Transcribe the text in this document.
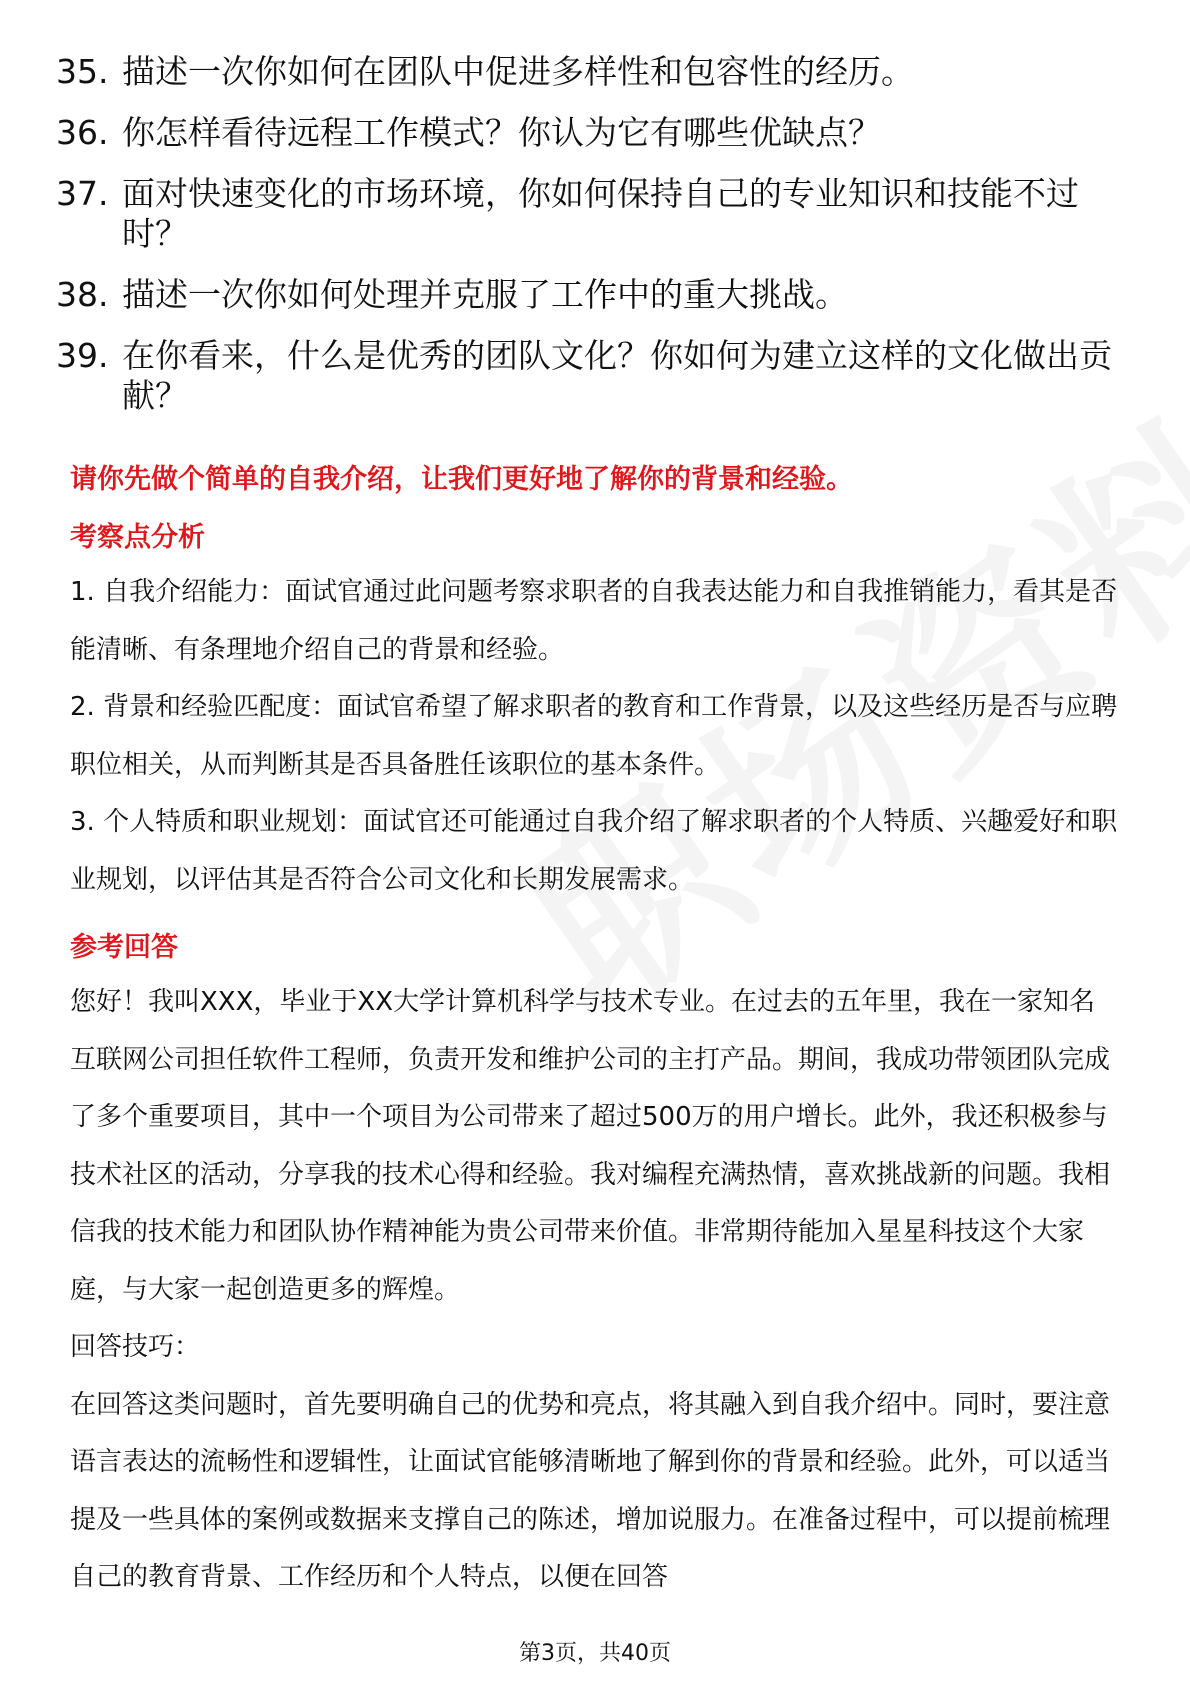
35. 描述一次你如何在团队中促进多样性和包容性的经历。
36. 你怎样看待远程工作模式？你认为它有哪些优缺点？
37. 面对快速变化的市场环境，你如何保持自己的专业知识和技能不过时？
38. 描述一次你如何处理并克服了工作中的重大挑战。
39. 在你看来，什么是优秀的团队文化？你如何为建立这样的文化做出贡献？
请你先做个简单的自我介绍，让我们更好地了解你的背景和经验。
考察点分析

1. 自我介绍能力：面试官通过此问题考察求职者的自我表达能力和自我推销能力，看其是否能清晰、有条理地介绍自己的背景和经验。

2. 背景和经验匹配度：面试官希望了解求职者的教育和工作背景，以及这些经历是否与应聘职位相关，从而判断其是否具备胜任该职位的基本条件。

3. 个人特质和职业规划：面试官还可能通过自我介绍了解求职者的个人特质、兴趣爱好和职业规划，以评估其是否符合公司文化和长期发展需求。

参考回答

您好！我叫XXX，毕业于XX大学计算机科学与技术专业。在过去的五年里，我在一家知名互联网公司担任软件工程师，负责开发和维护公司的主打产品。期间，我成功带领团队完成了多个重要项目，其中一个项目为公司带来了超过500万的用户增长。此外，我还积极参与技术社区的活动，分享我的技术心得和经验。我对编程充满热情，喜欢挑战新的问题。我相信我的技术能力和团队协作精神能为贵公司带来价值。非常期待能加入星星科技这个大家庭，与大家一起创造更多的辉煌。

回答技巧：

在回答这类问题时，首先要明确自己的优势和亮点，将其融入到自我介绍中。同时，要注意语言表达的流畅性和逻辑性，让面试官能够清晰地了解到你的背景和经验。此外，可以适当提及一些具体的案例或数据来支撑自己的陈述，增加说服力。在准备过程中，可以提前梳理自己的教育背景、工作经历和个人特点，以便在回答

第3页，共40页
